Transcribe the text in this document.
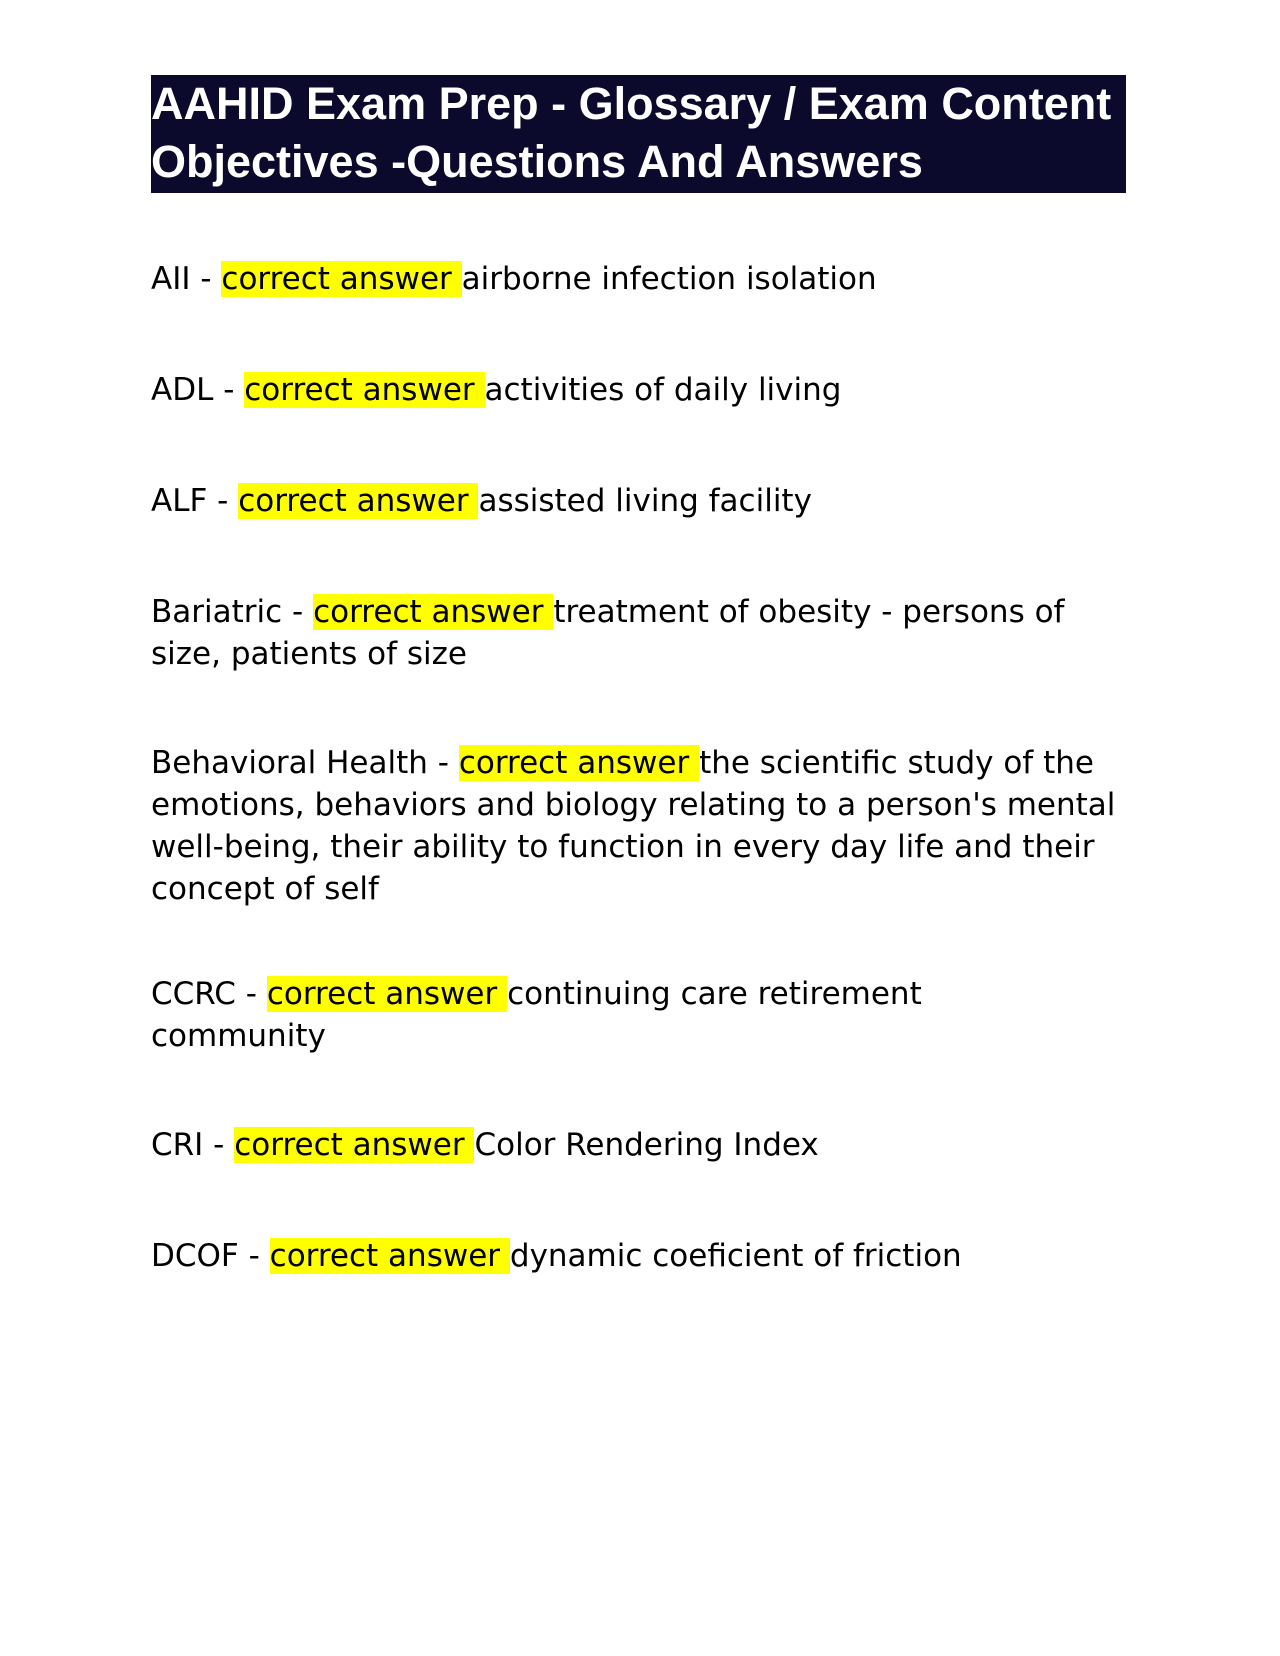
AAHID Exam Prep - Glossary / Exam Content Objectives -Questions And Answers

AII - correct answer airborne infection isolation

ADL - correct answer activities of daily living

ALF - correct answer assisted living facility

Bariatric - correct answer treatment of obesity - persons of size, patients of size

Behavioral Health - correct answer the scientific study of the emotions, behaviors and biology relating to a person's mental well-being, their ability to function in every day life and their concept of self

CCRC - correct answer continuing care retirement community

CRI - correct answer Color Rendering Index

DCOF - correct answer dynamic coeficient of friction
